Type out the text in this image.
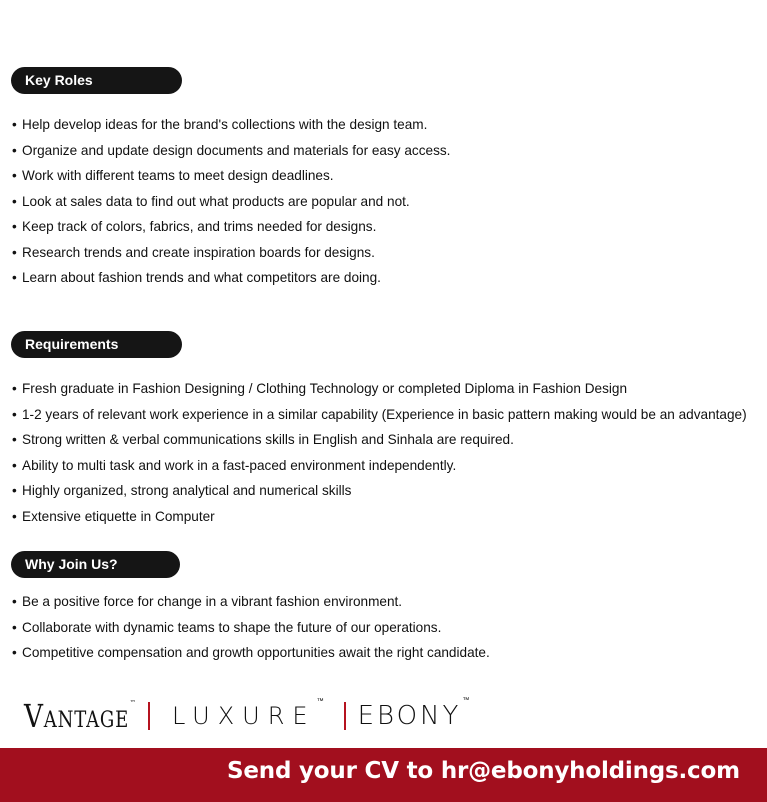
Key Roles
• Help develop ideas for the brand's collections with the design team.
• Organize and update design documents and materials for easy access.
• Work with different teams to meet design deadlines.
• Look at sales data to find out what products are popular and not.
• Keep track of colors, fabrics, and trims needed for designs.
• Research trends and create inspiration boards for designs.
• Learn about fashion trends and what competitors are doing.
Requirements
• Fresh graduate in Fashion Designing / Clothing Technology or completed Diploma in Fashion Design
• 1-2 years of relevant work experience in a similar capability (Experience in basic pattern making would be an advantage)
• Strong written & verbal communications skills in English and Sinhala are required.
• Ability to multi task and work in a fast-paced environment independently.
• Highly organized, strong analytical and numerical skills
• Extensive etiquette in Computer
Why Join Us?
• Be a positive force for change in a vibrant fashion environment.
• Collaborate with dynamic teams to shape the future of our operations.
• Competitive compensation and growth opportunities await the right candidate.
VANTAGE™ LUXURE™ EBONY™
Send your CV to hr@ebonyholdings.com
